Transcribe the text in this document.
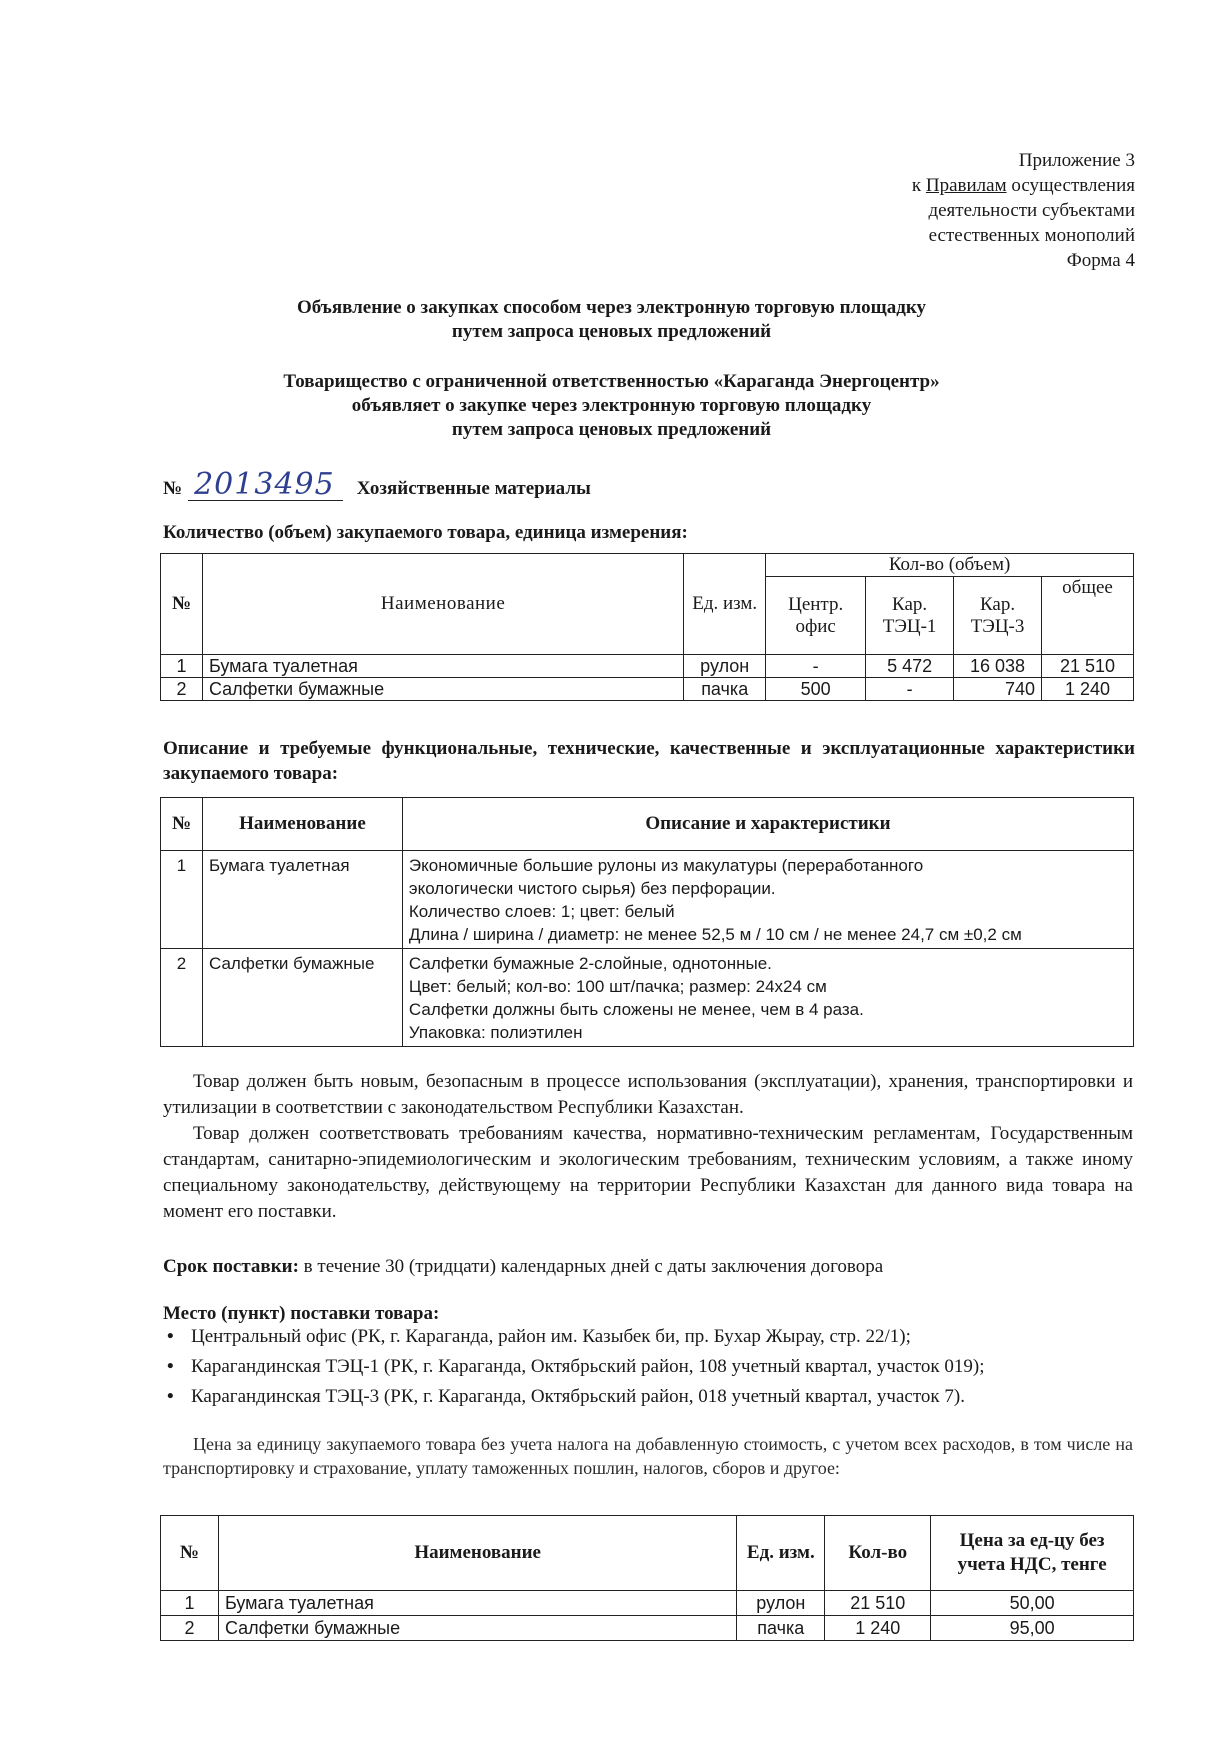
Приложение 3
к Правилам осуществления
деятельности субъектами
естественных монополий
Форма 4
Объявление о закупках способом через электронную торговую площадку
путем запроса ценовых предложений
Товарищество с ограниченной ответственностью «Караганда Энергоцентр»
объявляет о закупке через электронную торговую площадку
путем запроса ценовых предложений
№ 2013495	Хозяйственные материалы
Количество (объем) закупаемого товара, единица измерения:
№	Наименование	Ед. изм.	Кол-во (объем)			
			Центр. офис	Кар. ТЭЦ-1	Кар. ТЭЦ-3	общее
1	Бумага туалетная	рулон	-	5 472	16 038	21 510
2	Салфетки бумажные	пачка	500	-	740	1 240
Описание и требуемые функциональные, технические, качественные и эксплуатационные характеристики закупаемого товара:
№	Наименование	Описание и характеристики
1	Бумага туалетная	Экономичные большие рулоны из макулатуры (переработанного
экологически чистого сырья) без перфорации.
Количество слоев: 1; цвет: белый
Длина / ширина / диаметр: не менее 52,5 м / 10 см / не менее 24,7 см ±0,2 см

2	Салфетки бумажные	Салфетки бумажные 2-слойные, однотонные.
Цвет: белый; кол-во: 100 шт/пачка; размер: 24х24 см
Салфетки должны быть сложены не менее, чем в 4 раза.
Упаковка: полиэтилен
Товар должен быть новым, безопасным в процессе использования (эксплуатации), хранения, транспортировки и утилизации в соответствии с законодательством Республики Казахстан.
Товар должен соответствовать требованиям качества, нормативно-техническим регламентам, Государственным стандартам, санитарно-эпидемиологическим и экологическим требованиям, техническим условиям, а также иному специальному законодательству, действующему на территории Республики Казахстан для данного вида товара на момент его поставки.
Срок поставки: в течение 30 (тридцати) календарных дней с даты заключения договора
Место (пункт) поставки товара:
• Центральный офис (РК, г. Караганда, район им. Казыбек би, пр. Бухар Жырау, стр. 22/1);
• Карагандинская ТЭЦ-1 (РК, г. Караганда, Октябрьский район, 108 учетный квартал, участок 019);
• Карагандинская ТЭЦ-3 (РК, г. Караганда, Октябрьский район, 018 учетный квартал, участок 7).
Цена за единицу закупаемого товара без учета налога на добавленную стоимость, с учетом всех расходов, в том числе на транспортировку и страхование, уплату таможенных пошлин, налогов, сборов и другое:
№	Наименование	Ед. изм.	Кол-во	Цена за ед-цу без учета НДС, тенге
1	Бумага туалетная	рулон	21 510	50,00
2	Салфетки бумажные	пачка	1 240	95,00
